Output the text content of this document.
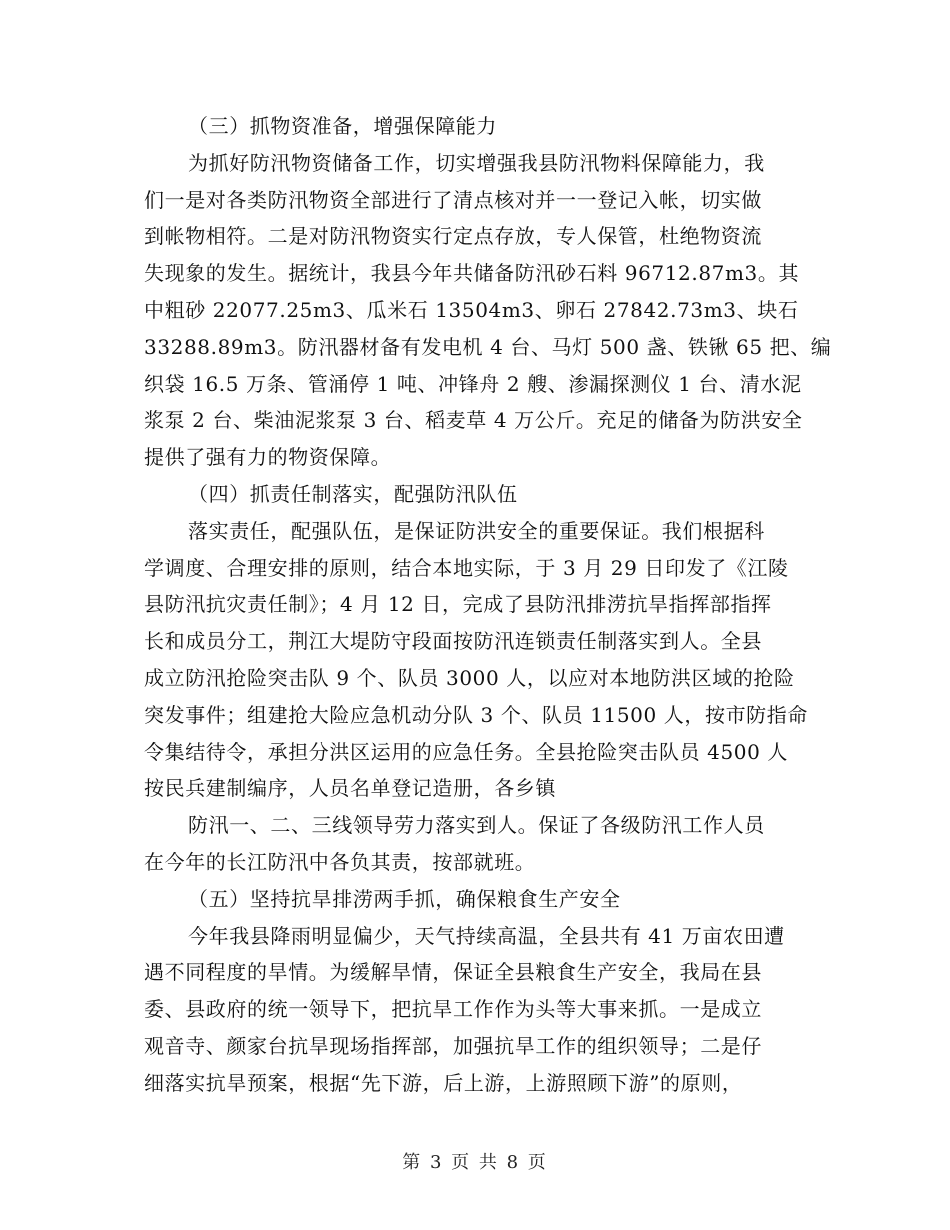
（三）抓物资准备，增强保障能力
为抓好防汛物资储备工作，切实增强我县防汛物料保障能力，我
们一是对各类防汛物资全部进行了清点核对并一一登记入帐，切实做
到帐物相符。二是对防汛物资实行定点存放，专人保管，杜绝物资流
失现象的发生。据统计，我县今年共储备防汛砂石料 96712.87m3。其
中粗砂 22077.25m3、瓜米石 13504m3、卵石 27842.73m3、块石
33288.89m3。防汛器材备有发电机 4 台、马灯 500 盏、铁锹 65 把、编
织袋 16.5 万条、管涌停 1 吨、冲锋舟 2 艘、渗漏探测仪 1 台、清水泥
浆泵 2 台、柴油泥浆泵 3 台、稻麦草 4 万公斤。充足的储备为防洪安全
提供了强有力的物资保障。
（四）抓责任制落实，配强防汛队伍
落实责任，配强队伍，是保证防洪安全的重要保证。我们根据科
学调度、合理安排的原则，结合本地实际，于 3 月 29 日印发了《江陵
县防汛抗灾责任制》；4 月 12 日，完成了县防汛排涝抗旱指挥部指挥
长和成员分工，荆江大堤防守段面按防汛连锁责任制落实到人。全县
成立防汛抢险突击队 9 个、队员 3000 人，以应对本地防洪区域的抢险
突发事件；组建抢大险应急机动分队 3 个、队员 11500 人，按市防指命
令集结待令，承担分洪区运用的应急任务。全县抢险突击队员 4500 人
按民兵建制编序，人员名单登记造册，各乡镇
防汛一、二、三线领导劳力落实到人。保证了各级防汛工作人员
在今年的长江防汛中各负其责，按部就班。
（五）坚持抗旱排涝两手抓，确保粮食生产安全
今年我县降雨明显偏少，天气持续高温，全县共有 41 万亩农田遭
遇不同程度的旱情。为缓解旱情，保证全县粮食生产安全，我局在县
委、县政府的统一领导下，把抗旱工作作为头等大事来抓。一是成立
观音寺、颜家台抗旱现场指挥部，加强抗旱工作的组织领导；二是仔
细落实抗旱预案，根据“先下游，后上游，上游照顾下游”的原则，
第 3 页 共 8 页
